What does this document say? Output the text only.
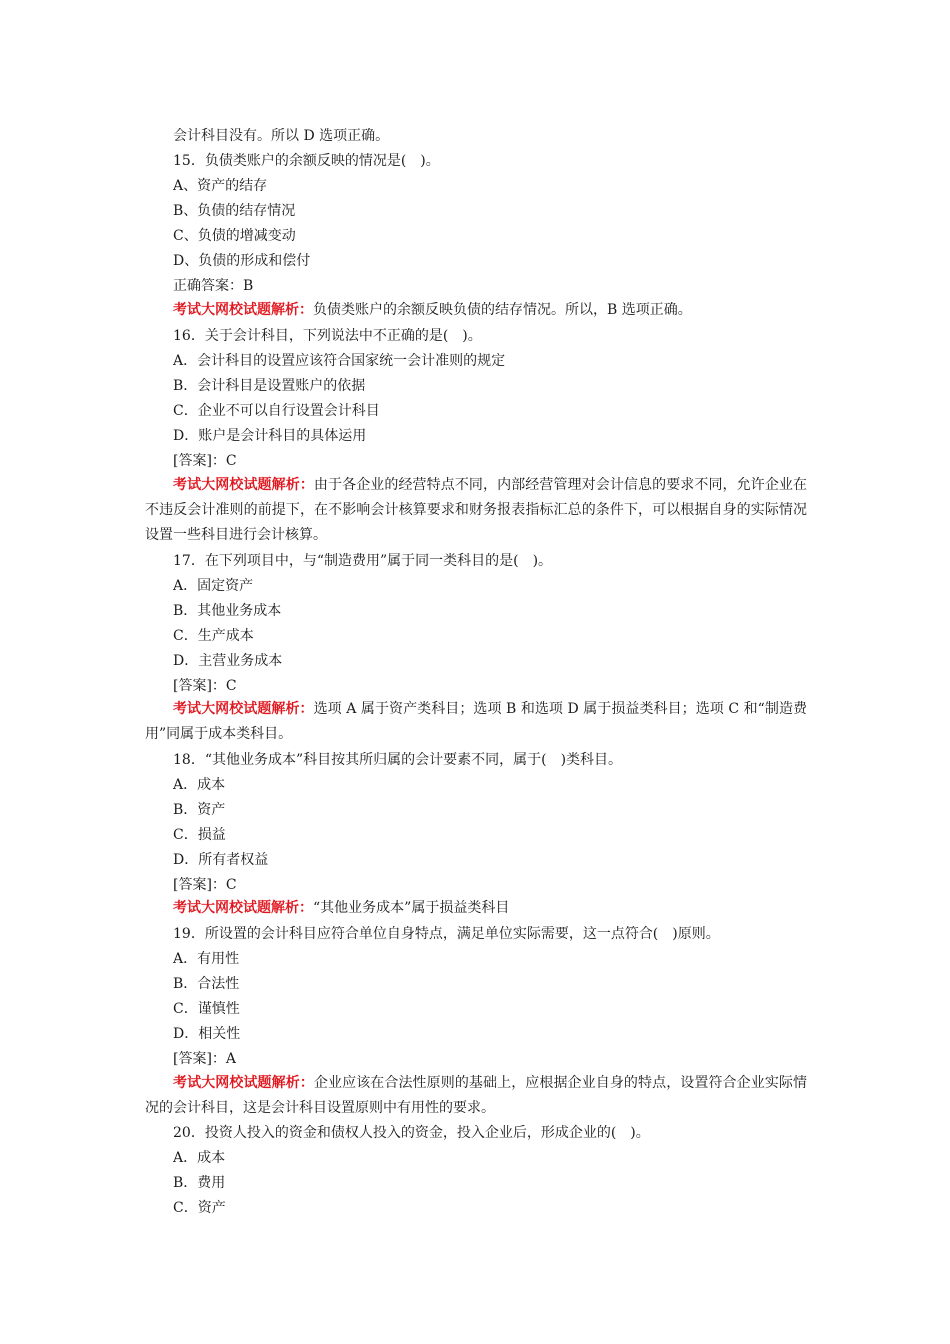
会计科目没有。所以 D 选项正确。
15．负债类账户的余额反映的情况是(　)。
A、资产的结存
B、负债的结存情况
C、负债的增减变动
D、负债的形成和偿付
正确答案：B
考试大网校试题解析：负债类账户的余额反映负债的结存情况。所以，B 选项正确。
16．关于会计科目，下列说法中不正确的是(　)。
A．会计科目的设置应该符合国家统一会计准则的规定
B．会计科目是设置账户的依据
C．企业不可以自行设置会计科目
D．账户是会计科目的具体运用
[答案]：C
考试大网校试题解析：由于各企业的经营特点不同，内部经营管理对会计信息的要求不同，允许企业在不违反会计准则的前提下，在不影响会计核算要求和财务报表指标汇总的条件下，可以根据自身的实际情况设置一些科目进行会计核算。
17．在下列项目中，与“制造费用”属于同一类科目的是(　)。
A．固定资产
B．其他业务成本
C．生产成本
D．主营业务成本
[答案]：C
考试大网校试题解析：选项 A 属于资产类科目；选项 B 和选项 D 属于损益类科目；选项 C 和“制造费用”同属于成本类科目。
18．“其他业务成本”科目按其所归属的会计要素不同，属于(　)类科目。
A．成本
B．资产
C．损益
D．所有者权益
[答案]：C
考试大网校试题解析：“其他业务成本”属于损益类科目
19．所设置的会计科目应符合单位自身特点，满足单位实际需要，这一点符合(　)原则。
A．有用性
B．合法性
C．谨慎性
D．相关性
[答案]：A
考试大网校试题解析：企业应该在合法性原则的基础上，应根据企业自身的特点，设置符合企业实际情况的会计科目，这是会计科目设置原则中有用性的要求。
20．投资人投入的资金和债权人投入的资金，投入企业后，形成企业的(　)。
A．成本
B．费用
C．资产
